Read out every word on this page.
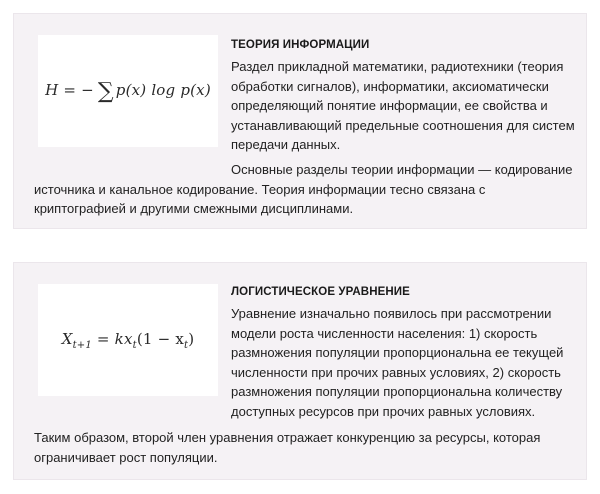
H = − ∑ p(x) log p(x)
ТЕОРИЯ ИНФОРМАЦИИ

Раздел прикладной математики, радиотехники (теория обработки сигналов), информатики, аксиоматически определяющий понятие информации, ее свойства и устанавливающий предельные соотношения для систем передачи данных.

Основные разделы теории информации — кодирование источника и канальное кодирование. Теория информации тесно связана с криптографией и другими смежными дисциплинами.

$X_{t+1} = kx_t(1 - x_t)$
ЛОГИСТИЧЕСКОЕ УРАВНЕНИЕ

Уравнение изначально появилось при рассмотрении модели роста численности населения: 1) скорость размножения популяции пропорциональна ее текущей численности при прочих равных условиях, 2) скорость размножения популяции пропорциональна количеству доступных ресурсов при прочих равных условиях.

Таким образом, второй член уравнения отражает конкуренцию за ресурсы, которая ограничивает рост популяции.
